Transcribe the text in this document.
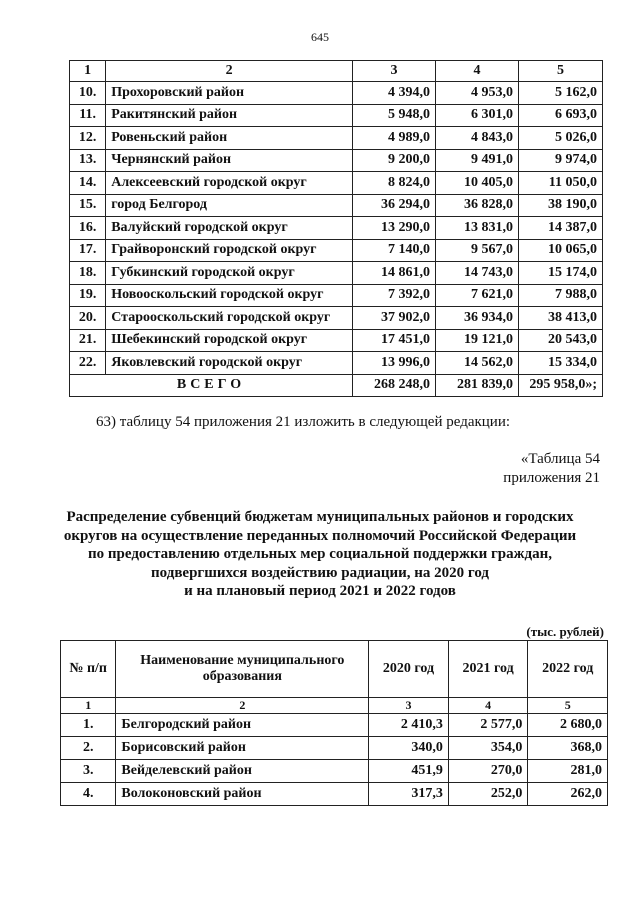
645
1	2	3	4	5
10.	Прохоровский район	4 394,0	4 953,0	5 162,0
11.	Ракитянский район	5 948,0	6 301,0	6 693,0
12.	Ровеньский район	4 989,0	4 843,0	5 026,0
13.	Чернянский район	9 200,0	9 491,0	9 974,0
14.	Алексеевский городской округ	8 824,0	10 405,0	11 050,0
15.	город Белгород	36 294,0	36 828,0	38 190,0
16.	Валуйский городской округ	13 290,0	13 831,0	14 387,0
17.	Грайворонский городской округ	7 140,0	9 567,0	10 065,0
18.	Губкинский городской округ	14 861,0	14 743,0	15 174,0
19.	Новооскольский городской округ	7 392,0	7 621,0	7 988,0
20.	Старооскольский городской округ	37 902,0	36 934,0	38 413,0
21.	Шебекинский городской округ	17 451,0	19 121,0	20 543,0
22.	Яковлевский городской округ	13 996,0	14 562,0	15 334,0
ВСЕГО		268 248,0	281 839,0	295 958,0»;
63) таблицу 54 приложения 21 изложить в следующей редакции:
«Таблица 54
приложения 21
Распределение субвенций бюджетам муниципальных районов и городских
округов на осуществление переданных полномочий Российской Федерации
по предоставлению отдельных мер социальной поддержки граждан,
подвергшихся воздействию радиации, на 2020 год
и на плановый период 2021 и 2022 годов
(тыс. рублей)
№ п/п	Наименование муниципального образования	2020 год	2021 год	2022 год
1	2	3	4	5
1.	Белгородский район	2 410,3	2 577,0	2 680,0
2.	Борисовский район	340,0	354,0	368,0
3.	Вейделевский район	451,9	270,0	281,0
4.	Волоконовский район	317,3	252,0	262,0
